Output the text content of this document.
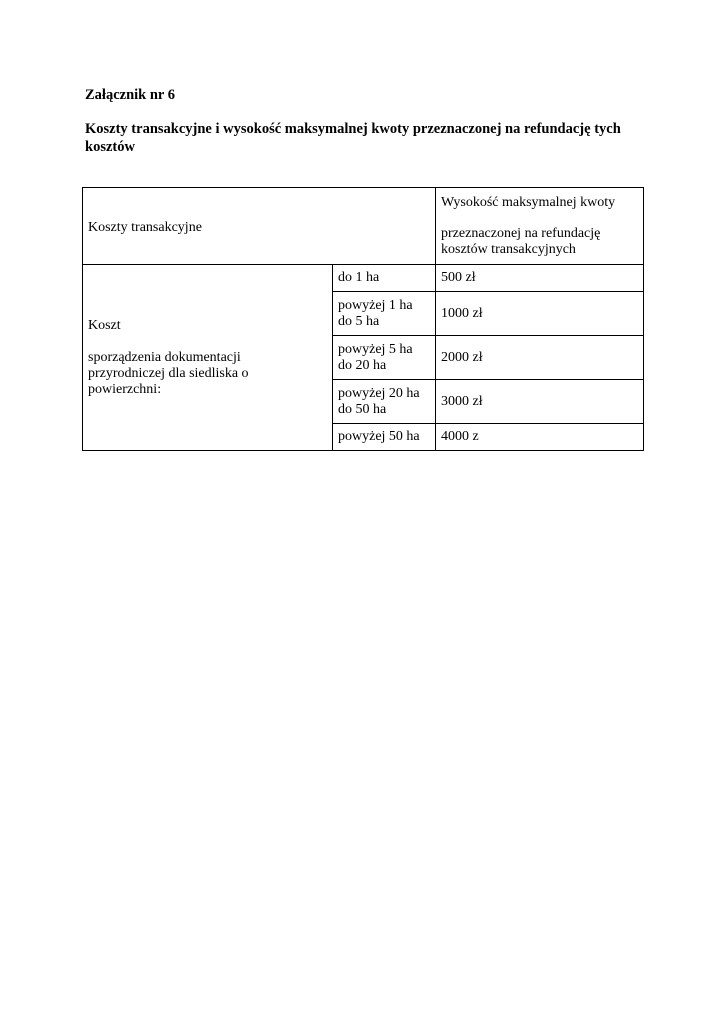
Załącznik nr 6
Koszty transakcyjne i wysokość maksymalnej kwoty przeznaczonej na refundację tych
kosztów
Koszty transakcyjne		Wysokość maksymalnej kwoty
przeznaczonej na refundację
kosztów transakcyjnych

Koszt
sporządzenia dokumentacji
przyrodniczej dla siedliska o
powierzchni:	do 1 ha	500 zł

	powyżej 1 ha
do 5 ha	1000 zł

	powyżej 5 ha
do 20 ha	2000 zł

	powyżej 20 ha
do 50 ha	3000 zł

	powyżej 50 ha	4000 z
